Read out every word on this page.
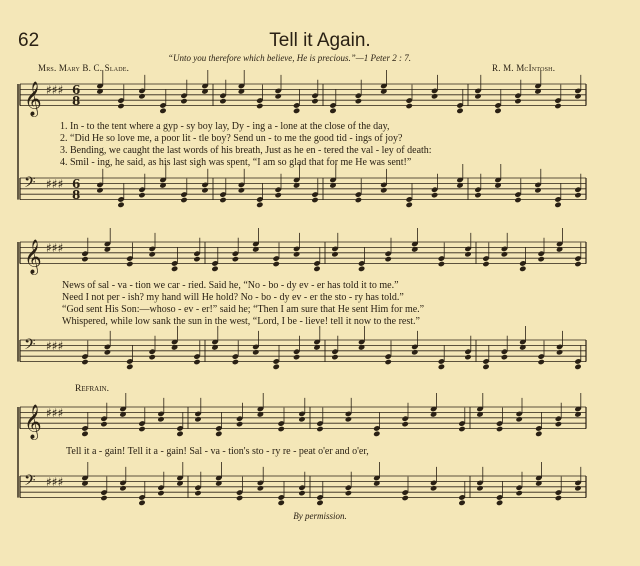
𝄞 ♯♯♯ 6
8
𝄢 ♯♯♯ 6
8
𝄞 ♯♯♯
𝄢 ♯♯♯
𝄞 ♯♯♯
𝄢 ♯♯♯
62	Tell it Again.
“Unto you therefore which believe, He is precious.”—1 Peter 2 : 7.
Mrs. Mary B. C. Slade.	R. M. McIntosh.
1. In - to the tent where a gyp - sy boy lay, Dy - ing a - lone at the close of the day,
2. “Did He so love me, a poor lit - tle boy? Send un - to me the good tid - ings of joy?
3. Bending, we caught the last words of his breath, Just as he en - tered the val - ley of death:
4. Smil - ing, he said, as his last sigh was spent, “I am so glad that for me He was sent!”
News of sal - va - tion we car - ried. Said he, “No - bo - dy ev - er has told it to me.”
Need I not per - ish? my hand will He hold? No - bo - dy ev - er the sto - ry has told.”
“God sent His Son:—whoso - ev - er!” said he; “Then I am sure that He sent Him for me.”
Whispered, while low sank the sun in the west, “Lord, I be - lieve! tell it now to the rest.”
Refrain.
Tell it a - gain! Tell it a - gain! Sal - va - tion's sto - ry re - peat o'er and o'er,
By permission.
